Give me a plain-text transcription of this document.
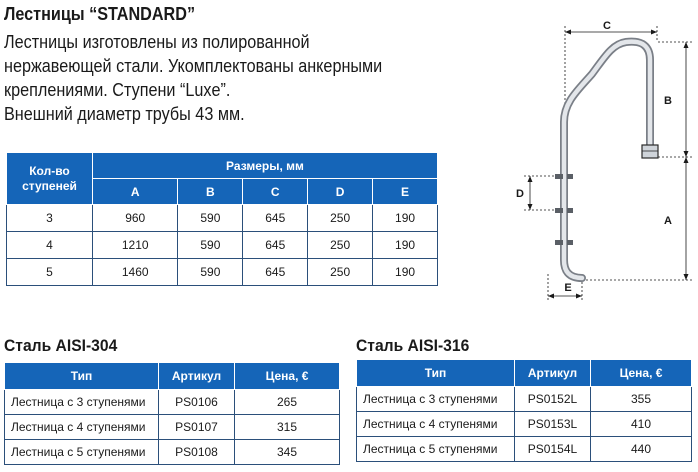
Лестницы “STANDARD”

Лестницы изготовлены из полированной

нержавеющей стали. Укомплектованы анкерными

креплениями. Ступени “Luxe”.

Внешний диаметр трубы 43 мм.

Кол-во ступеней	Размеры, мм				
	A	B	C	D	E
3	960	590	645	250	190
4	1210	590	645	250	190
5	1460	590	645	250	190
Сталь AISI-304
Тип	Артикул	Цена, €
Лестница с 3 ступенями	PS0106	265
Лестница с 4 ступенями	PS0107	315
Лестница с 5 ступенями	PS0108	345
Сталь AISI-316
Тип	Артикул	Цена, €
Лестница с 3 ступенями	PS0152L	355
Лестница с 4 ступенями	PS0153L	410
Лестница с 5 ступенями	PS0154L	440
C
B
A
D
E
